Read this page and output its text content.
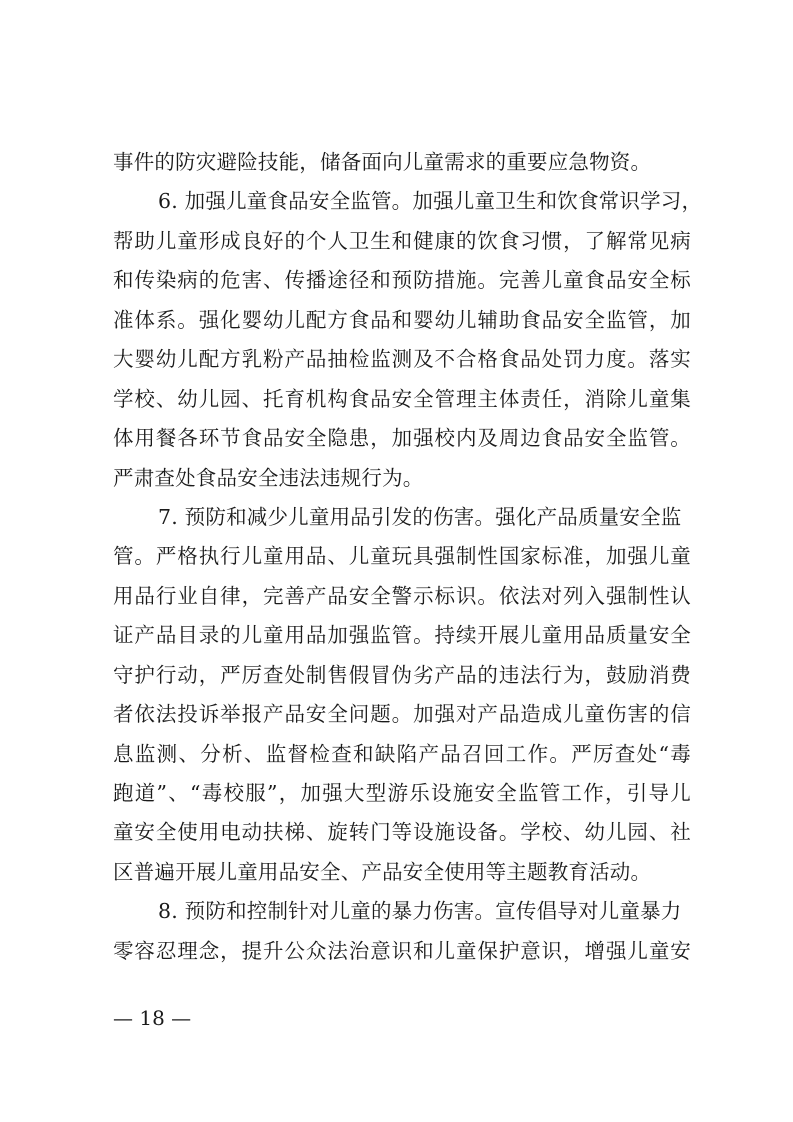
事件的防灾避险技能，储备面向儿童需求的重要应急物资。
6. 加强儿童食品安全监管。加强儿童卫生和饮食常识学习，
帮助儿童形成良好的个人卫生和健康的饮食习惯，了解常见病
和传染病的危害、传播途径和预防措施。完善儿童食品安全标
准体系。强化婴幼儿配方食品和婴幼儿辅助食品安全监管，加
大婴幼儿配方乳粉产品抽检监测及不合格食品处罚力度。落实
学校、幼儿园、托育机构食品安全管理主体责任，消除儿童集
体用餐各环节食品安全隐患，加强校内及周边食品安全监管。
严肃查处食品安全违法违规行为。
7. 预防和减少儿童用品引发的伤害。强化产品质量安全监
管。严格执行儿童用品、儿童玩具强制性国家标准，加强儿童
用品行业自律，完善产品安全警示标识。依法对列入强制性认
证产品目录的儿童用品加强监管。持续开展儿童用品质量安全
守护行动，严厉查处制售假冒伪劣产品的违法行为，鼓励消费
者依法投诉举报产品安全问题。加强对产品造成儿童伤害的信
息监测、分析、监督检查和缺陷产品召回工作。严厉查处“毒
跑道”、“毒校服”，加强大型游乐设施安全监管工作，引导儿
童安全使用电动扶梯、旋转门等设施设备。学校、幼儿园、社
区普遍开展儿童用品安全、产品安全使用等主题教育活动。
8. 预防和控制针对儿童的暴力伤害。宣传倡导对儿童暴力
零容忍理念，提升公众法治意识和儿童保护意识，增强儿童安
— 18 —
